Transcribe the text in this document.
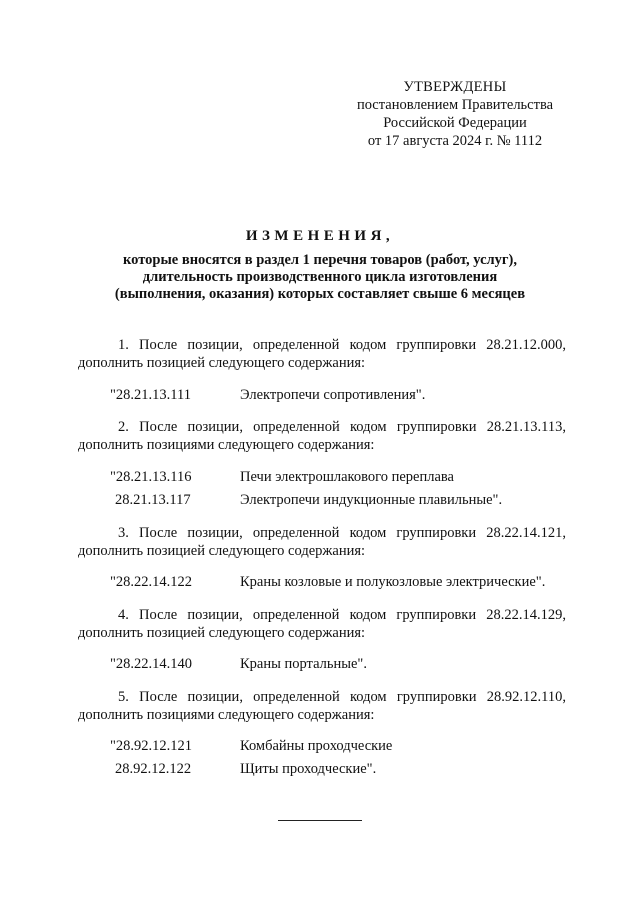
УТВЕРЖДЕНЫ
постановлением Правительства
Российской Федерации
от 17 августа 2024 г. № 1112
ИЗМЕНЕНИЯ,
которые вносятся в раздел 1 перечня товаров (работ, услуг),
длительность производственного цикла изготовления
(выполнения, оказания) которых составляет свыше 6 месяцев
1. После позиции, определенной кодом группировки 28.21.12.000,
дополнить позицией следующего содержания:
"28.21.13.111	Электропечи сопротивления".
2. После позиции, определенной кодом группировки 28.21.13.113,
дополнить позициями следующего содержания:
"28.21.13.116	Печи электрошлакового переплава
28.21.13.117	Электропечи индукционные плавильные".
3. После позиции, определенной кодом группировки 28.22.14.121,
дополнить позицией следующего содержания:
"28.22.14.122	Краны козловые и полукозловые электрические".
4. После позиции, определенной кодом группировки 28.22.14.129,
дополнить позицией следующего содержания:
"28.22.14.140	Краны портальные".
5. После позиции, определенной кодом группировки 28.92.12.110,
дополнить позициями следующего содержания:
"28.92.12.121	Комбайны проходческие
28.92.12.122	Щиты проходческие".
